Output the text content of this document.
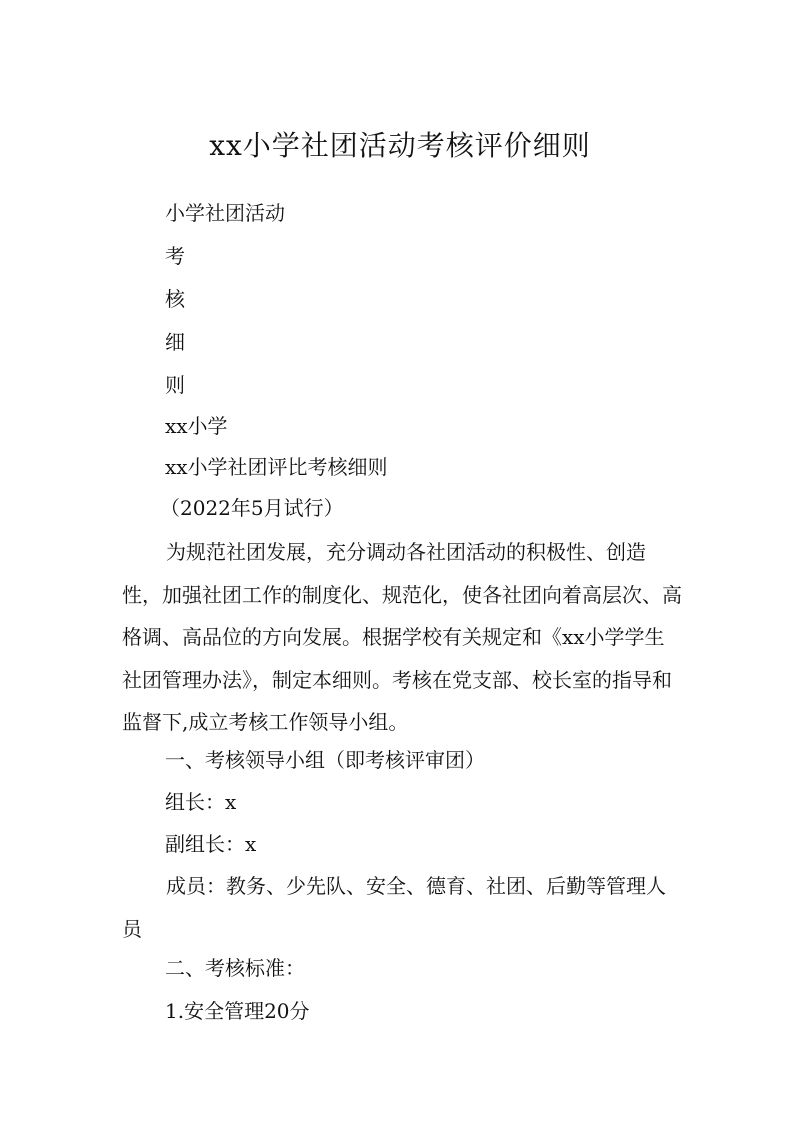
xx小学社团活动考核评价细则
小学社团活动
考
核
细
则
xx小学
xx小学社团评比考核细则
（2022年5月试行）

为规范社团发展，充分调动各社团活动的积极性、创造性，加强社团工作的制度化、规范化，使各社团向着高层次、高格调、高品位的方向发展。根据学校有关规定和《xx小学学生社团管理办法》，制定本细则。考核在党支部、校长室的指导和监督下,成立考核工作领导小组。

一、考核领导小组（即考核评审团）
组长：x
副组长：x

成员：教务、少先队、安全、德育、社团、后勤等管理人员

二、考核标准：
1.安全管理20分
